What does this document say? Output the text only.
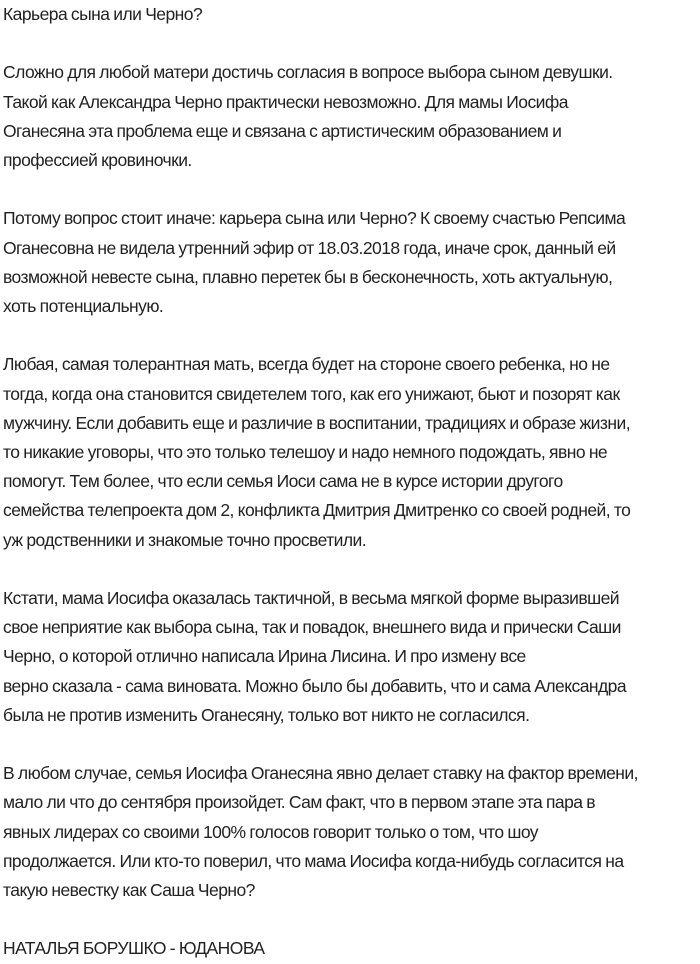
Карьера сына или Черно?

Сложно для любой матери достичь согласия в вопросе выбора сыном девушки.
Такой как Александра Черно практически невозможно. Для мамы Иосифа
Оганесяна эта проблема еще и связана с артистическим образованием и
профессией кровиночки.

Потому вопрос стоит иначе: карьера сына или Черно? К своему счастью Репсима
Оганесовна не видела утренний эфир от 18.03.2018 года, иначе срок, данный ей
возможной невесте сына, плавно перетек бы в бесконечность, хоть актуальную,
хоть потенциальную.

Любая, самая толерантная мать, всегда будет на стороне своего ребенка, но не
тогда, когда она становится свидетелем того, как его унижают, бьют и позорят как
мужчину. Если добавить еще и различие в воспитании, традициях и образе жизни,
то никакие уговоры, что это только телешоу и надо немного подождать, явно не
помогут. Тем более, что если семья Иоси сама не в курсе истории другого
семейства телепроекта дом 2, конфликта Дмитрия Дмитренко со своей родней, то
уж родственники и знакомые точно просветили.

Кстати, мама Иосифа оказалась тактичной, в весьма мягкой форме выразившей
свое неприятие как выбора сына, так и повадок, внешнего вида и прически Саши
Черно, о которой отлично написала Ирина Лисина. И про измену все
верно сказала - сама виновата. Можно было бы добавить, что и сама Александра
была не против изменить Оганесяну, только вот никто не согласился.

В любом случае, семья Иосифа Оганесяна явно делает ставку на фактор времени,
мало ли что до сентября произойдет. Сам факт, что в первом этапе эта пара в
явных лидерах со своими 100% голосов говорит только о том, что шоу
продолжается. Или кто-то поверил, что мама Иосифа когда-нибудь согласится на
такую невестку как Саша Черно?

НАТАЛЬЯ БОРУШКО - ЮДАНОВА
